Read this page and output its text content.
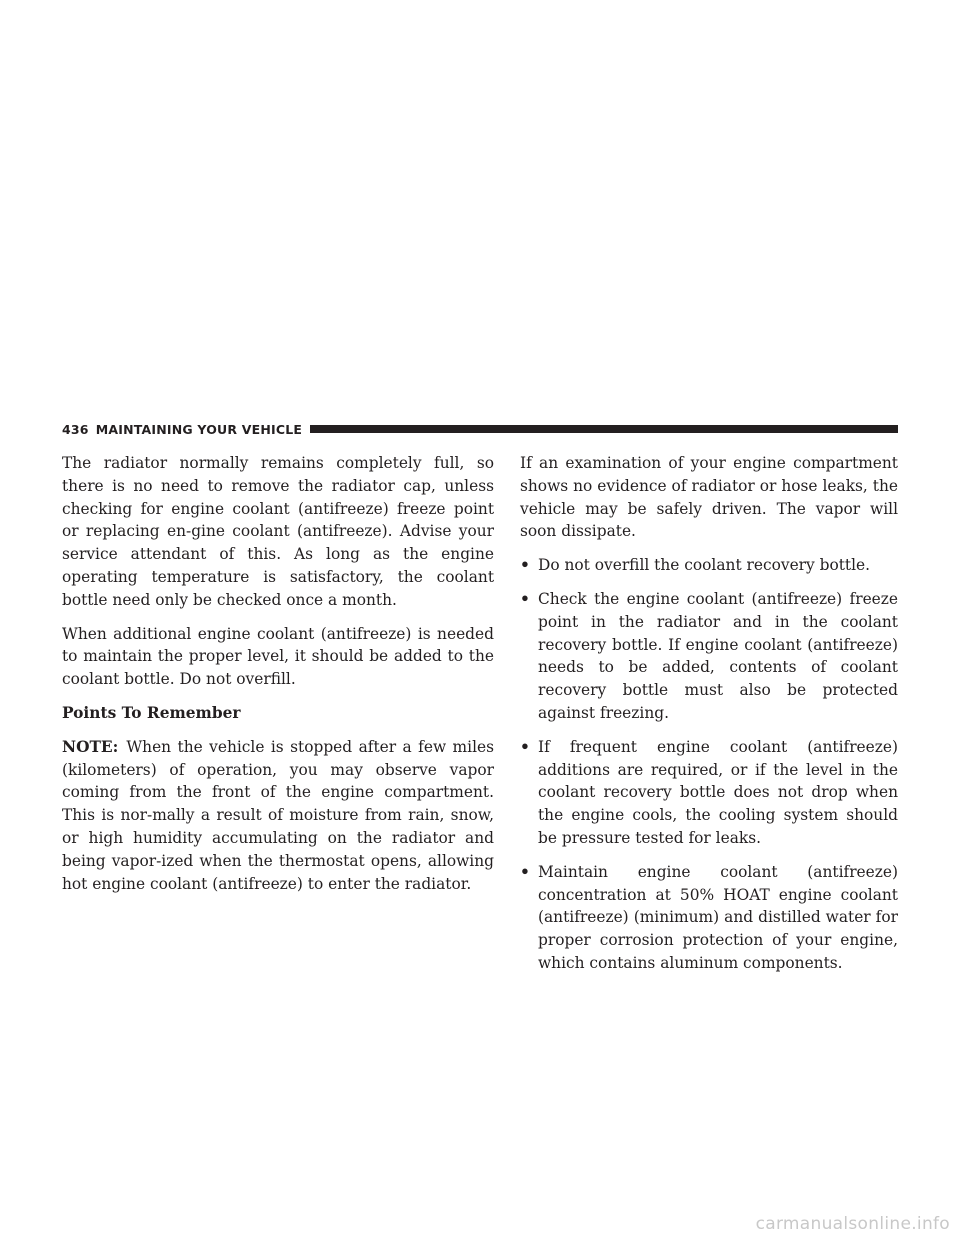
436 MAINTAINING YOUR VEHICLE

The radiator normally remains completely full, so there is no need to remove the radiator cap, unless checking for engine coolant (antifreeze) freeze point or replacing en-gine coolant (antifreeze). Advise your service attendant of this. As long as the engine operating temperature is satisfactory, the coolant bottle need only be checked once a month.

When additional engine coolant (antifreeze) is needed to maintain the proper level, it should be added to the coolant bottle. Do not overfill.

Points To Remember

NOTE: When the vehicle is stopped after a few miles (kilometers) of operation, you may observe vapor coming from the front of the engine compartment. This is nor-mally a result of moisture from rain, snow, or high humidity accumulating on the radiator and being vapor-ized when the thermostat opens, allowing hot engine coolant (antifreeze) to enter the radiator.

If an examination of your engine compartment shows no evidence of radiator or hose leaks, the vehicle may be safely driven. The vapor will soon dissipate.

• Do not overfill the coolant recovery bottle.
• Check the engine coolant (antifreeze) freeze point in the radiator and in the coolant recovery bottle. If engine coolant (antifreeze) needs to be added, contents of coolant recovery bottle must also be protected against freezing.
• If frequent engine coolant (antifreeze) additions are required, or if the level in the coolant recovery bottle does not drop when the engine cools, the cooling system should be pressure tested for leaks.
• Maintain engine coolant (antifreeze) concentration at 50% HOAT engine coolant (antifreeze) (minimum) and distilled water for proper corrosion protection of your engine, which contains aluminum components.
carmanualsonline.info
